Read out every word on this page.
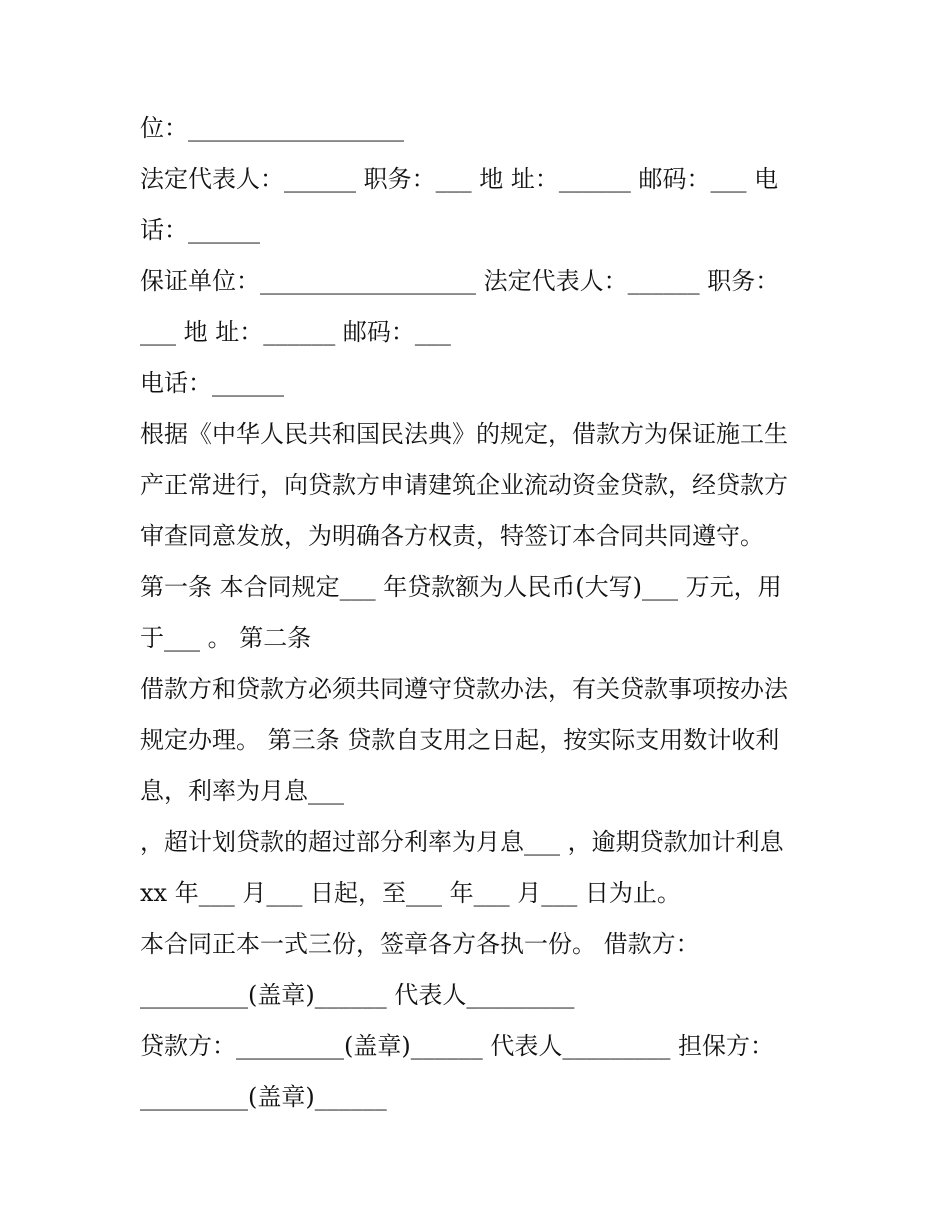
位：__________________
法定代表人：______ 职务：___ 地 址：______ 邮码：___ 电
话：______
保证单位：__________________ 法定代表人：______ 职务：
___ 地 址：______ 邮码：___
电话：______
根据《中华人民共和国民法典》的规定，借款方为保证施工生
产正常进行，向贷款方申请建筑企业流动资金贷款，经贷款方
审查同意发放，为明确各方权责，特签订本合同共同遵守。
第一条 本合同规定___ 年贷款额为人民币(大写)___ 万元，用
于___ 。 第二条
借款方和贷款方必须共同遵守贷款办法，有关贷款事项按办法
规定办理。 第三条 贷款自支用之日起，按实际支用数计收利
息，利率为月息___
，超计划贷款的超过部分利率为月息___ ，逾期贷款加计利息
xx 年___ 月___ 日起，至___ 年___ 月___ 日为止。
本合同正本一式三份，签章各方各执一份。 借款方：
_________(盖章)______ 代表人_________
贷款方：_________(盖章)______ 代表人_________ 担保方：
_________(盖章)______
